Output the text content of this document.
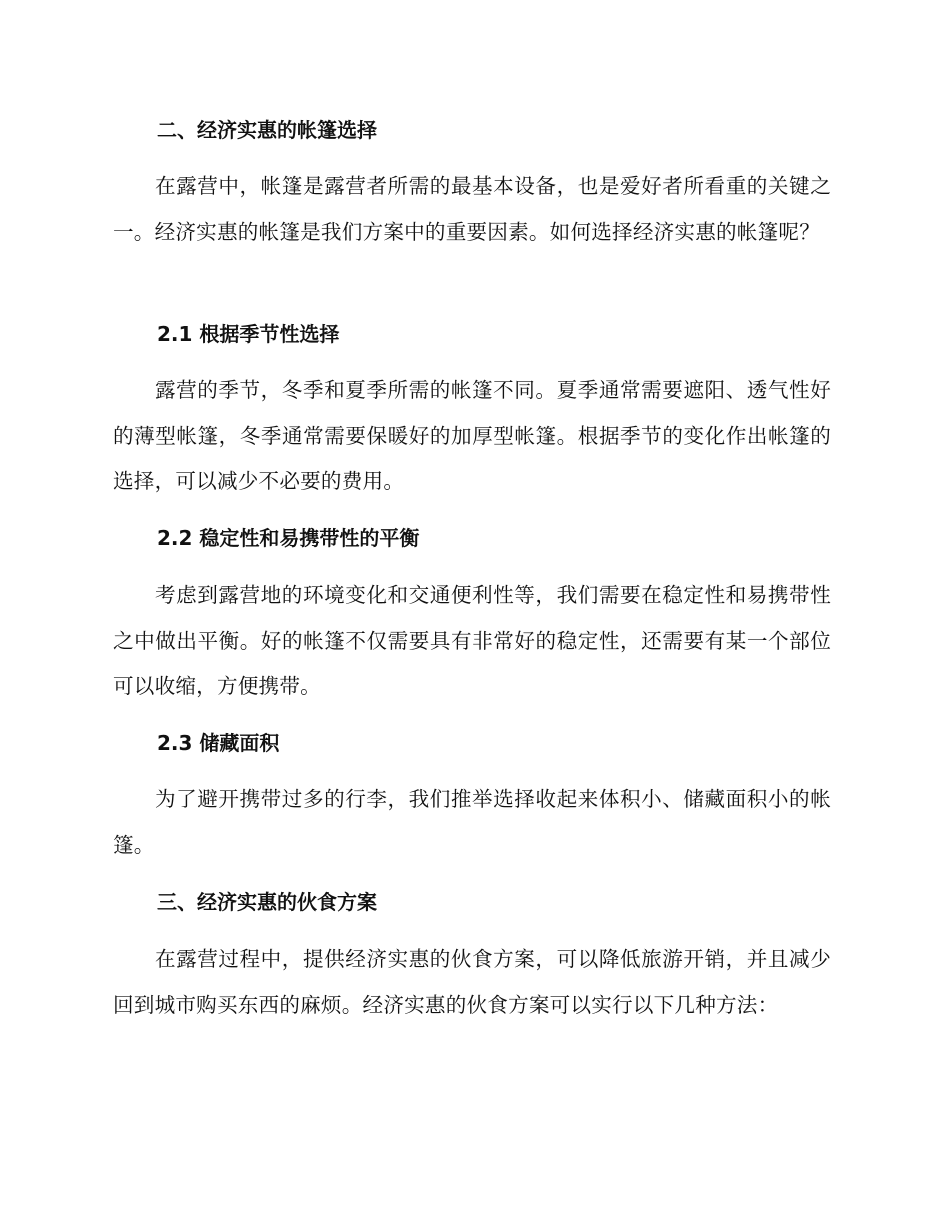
二、经济实惠的帐篷选择

在露营中，帐篷是露营者所需的最基本设备，也是爱好者所看重的关键之一。经济实惠的帐篷是我们方案中的重要因素。如何选择经济实惠的帐篷呢？

2.1 根据季节性选择

露营的季节，冬季和夏季所需的帐篷不同。夏季通常需要遮阳、透气性好的薄型帐篷，冬季通常需要保暖好的加厚型帐篷。根据季节的变化作出帐篷的选择，可以减少不必要的费用。

2.2 稳定性和易携带性的平衡

考虑到露营地的环境变化和交通便利性等，我们需要在稳定性和易携带性之中做出平衡。好的帐篷不仅需要具有非常好的稳定性，还需要有某一个部位可以收缩，方便携带。

2.3 储藏面积

为了避开携带过多的行李，我们推举选择收起来体积小、储藏面积小的帐篷。

三、经济实惠的伙食方案

在露营过程中，提供经济实惠的伙食方案，可以降低旅游开销，并且减少回到城市购买东西的麻烦。经济实惠的伙食方案可以实行以下几种方法：
